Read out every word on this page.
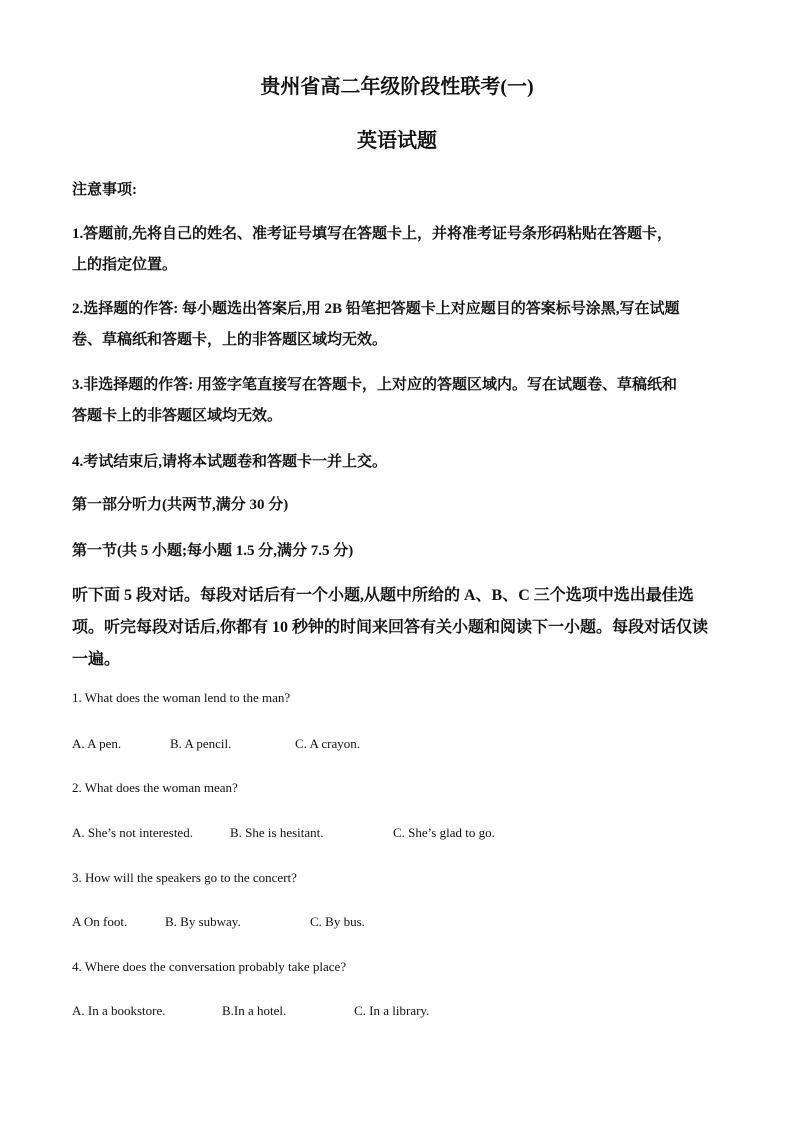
贵州省高二年级阶段性联考(一)
英语试题
注意事项:
1.答题前,先将自己的姓名、准考证号填写在答题卡上，并将准考证号条形码粘贴在答题卡，
上的指定位置。
2.选择题的作答: 每小题选出答案后,用 2B 铅笔把答题卡上对应题目的答案标号涂黑,写在试题
卷、草稿纸和答题卡，上的非答题区域均无效。
3.非选择题的作答: 用签字笔直接写在答题卡，上对应的答题区域内。写在试题卷、草稿纸和
答题卡上的非答题区域均无效。
4.考试结束后,请将本试题卷和答题卡一并上交。
第一部分听力(共两节,满分 30 分)
第一节(共 5 小题;每小题 1.5 分,满分 7.5 分)
听下面 5 段对话。每段对话后有一个小题,从题中所给的 A、B、C 三个选项中选出最佳选
项。听完每段对话后,你都有 10 秒钟的时间来回答有关小题和阅读下一小题。每段对话仅读
一遍。
1. What does the woman lend to the man?
A. A pen.	B. A pencil.	C. A crayon.
2. What does the woman mean?
A. She’s not interested.	B. She is hesitant.	C. She’s glad to go.
3. How will the speakers go to the concert?
A On foot.	B. By subway.	C. By bus.
4. Where does the conversation probably take place?
A. In a bookstore.	B.In a hotel.	C. In a library.
